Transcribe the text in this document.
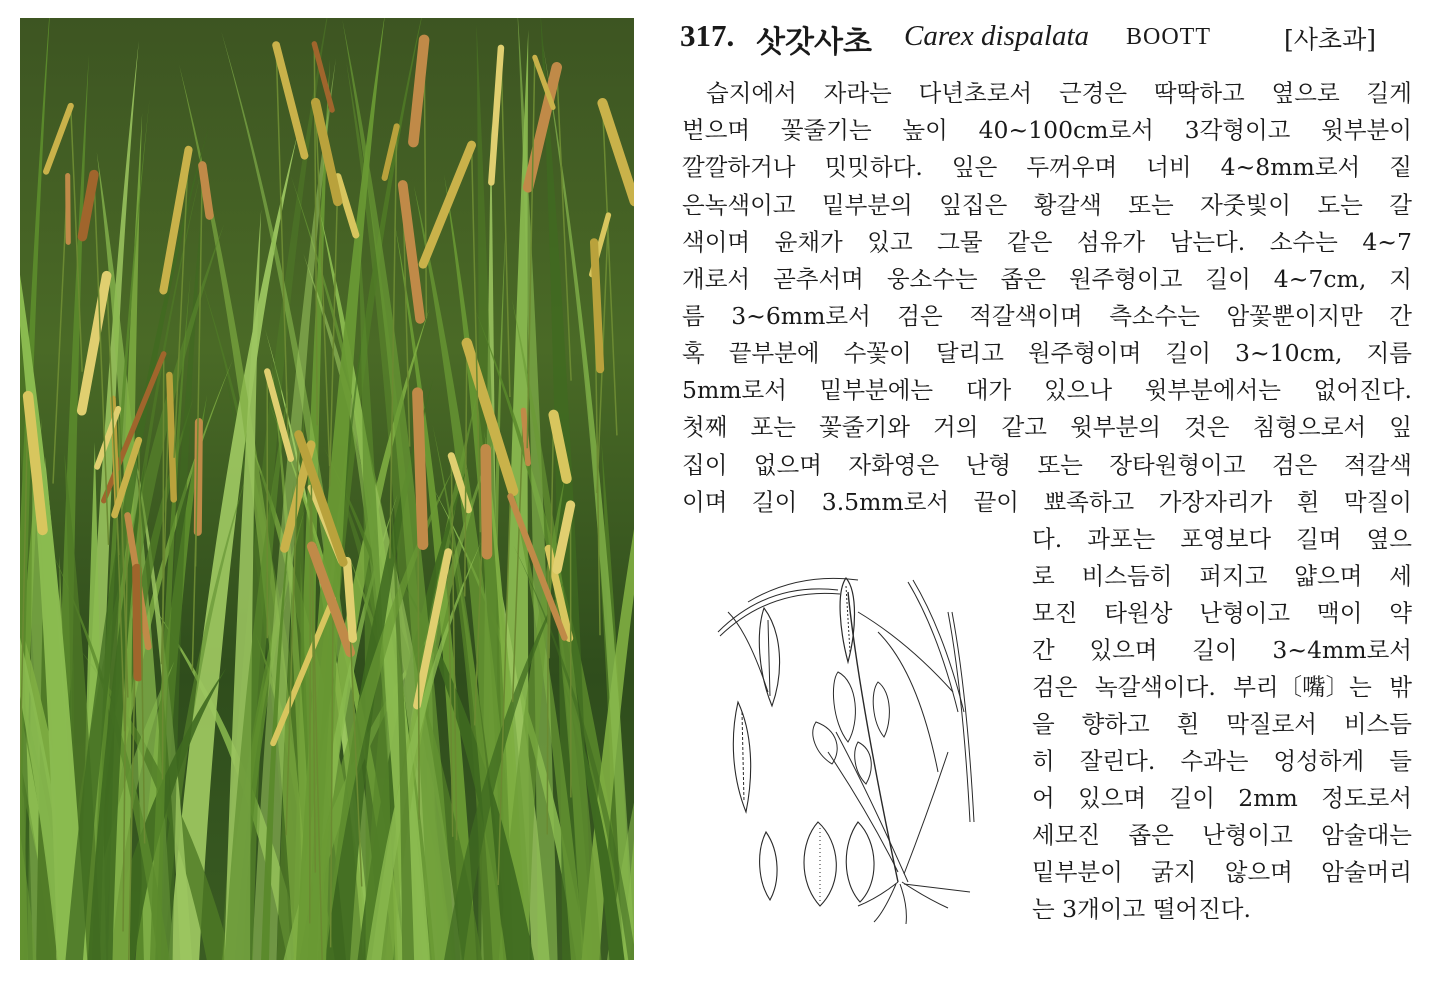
317. 삿갓사초 Carex dispalata BOOTT	[사초과]
습지에서 자라는 다년초로서 근경은 딱딱하고 옆으로 길게
벋으며 꽃줄기는 높이 40~100cm로서 3각형이고 윗부분이
깔깔하거나 밋밋하다. 잎은 두꺼우며 너비 4~8mm로서 짙
은녹색이고 밑부분의 잎집은 황갈색 또는 자줏빛이 도는 갈
색이며 윤채가 있고 그물 같은 섬유가 남는다. 소수는 4~7
개로서 곧추서며 웅소수는 좁은 원주형이고 길이 4~7cm, 지
름 3~6mm로서 검은 적갈색이며 측소수는 암꽃뿐이지만 간
혹 끝부분에 수꽃이 달리고 원주형이며 길이 3~10cm, 지름
5mm로서 밑부분에는 대가 있으나 윗부분에서는 없어진다.
첫째 포는 꽃줄기와 거의 같고 윗부분의 것은 침형으로서 잎
집이 없으며 자화영은 난형 또는 장타원형이고 검은 적갈색
이며 길이 3.5mm로서 끝이 뾰족하고 가장자리가 흰 막질이
다. 과포는 포영보다 길며 옆으
로 비스듬히 퍼지고 얇으며 세
모진 타원상 난형이고 맥이 약
간 있으며 길이 3~4mm로서
검은 녹갈색이다. 부리〔嘴〕는 밖
을 향하고 흰 막질로서 비스듬
히 잘린다. 수과는 엉성하게 들
어 있으며 길이 2mm 정도로서
세모진 좁은 난형이고 암술대는
밑부분이 굵지 않으며 암술머리
는 3개이고 떨어진다.
